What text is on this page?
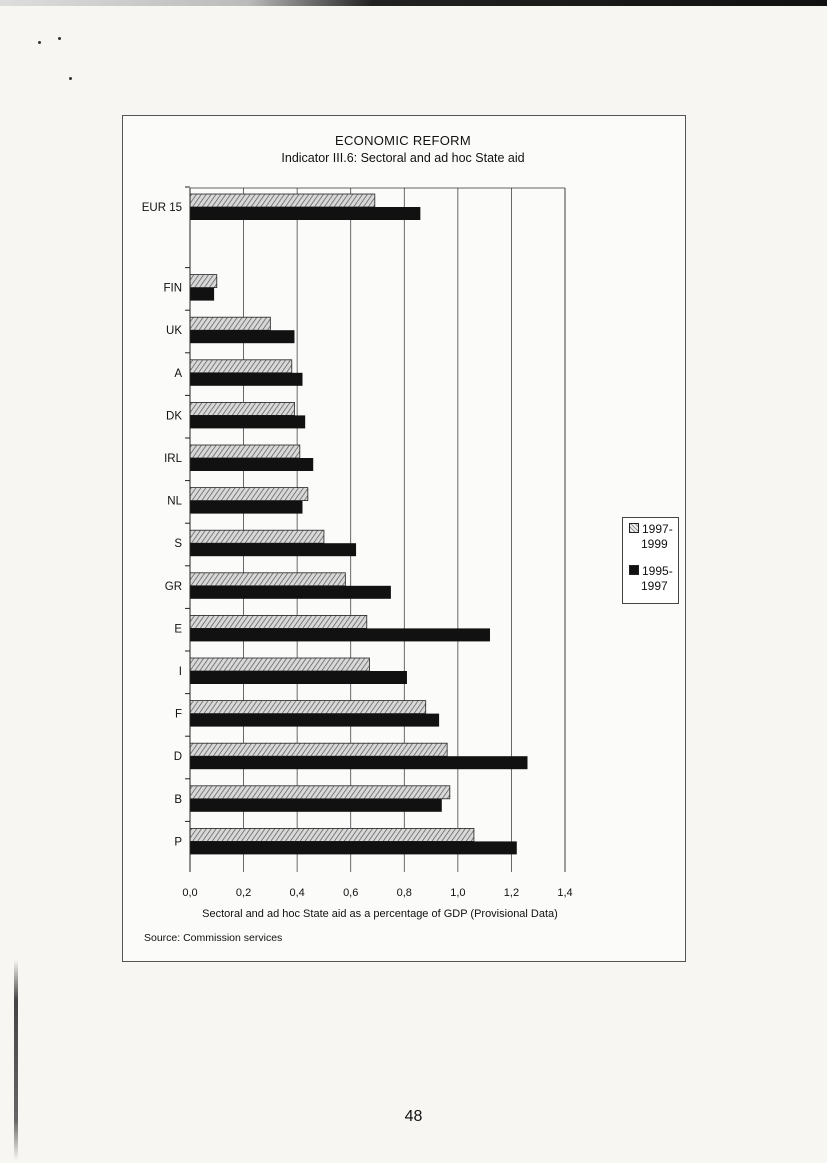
ECONOMIC REFORM
Indicator III.6: Sectoral and ad hoc State aid
0,0	0,2	0,4	0,6	0,8	1,0	1,2	1,4
EUR 15
FIN
UK
A
DK
IRL
NL
S
GR
E
I
F
D
B
P
Sectoral and ad hoc State aid as a percentage of GDP (Provisional Data)
Source: Commission services
1997-
1999
1995-
1997
48
